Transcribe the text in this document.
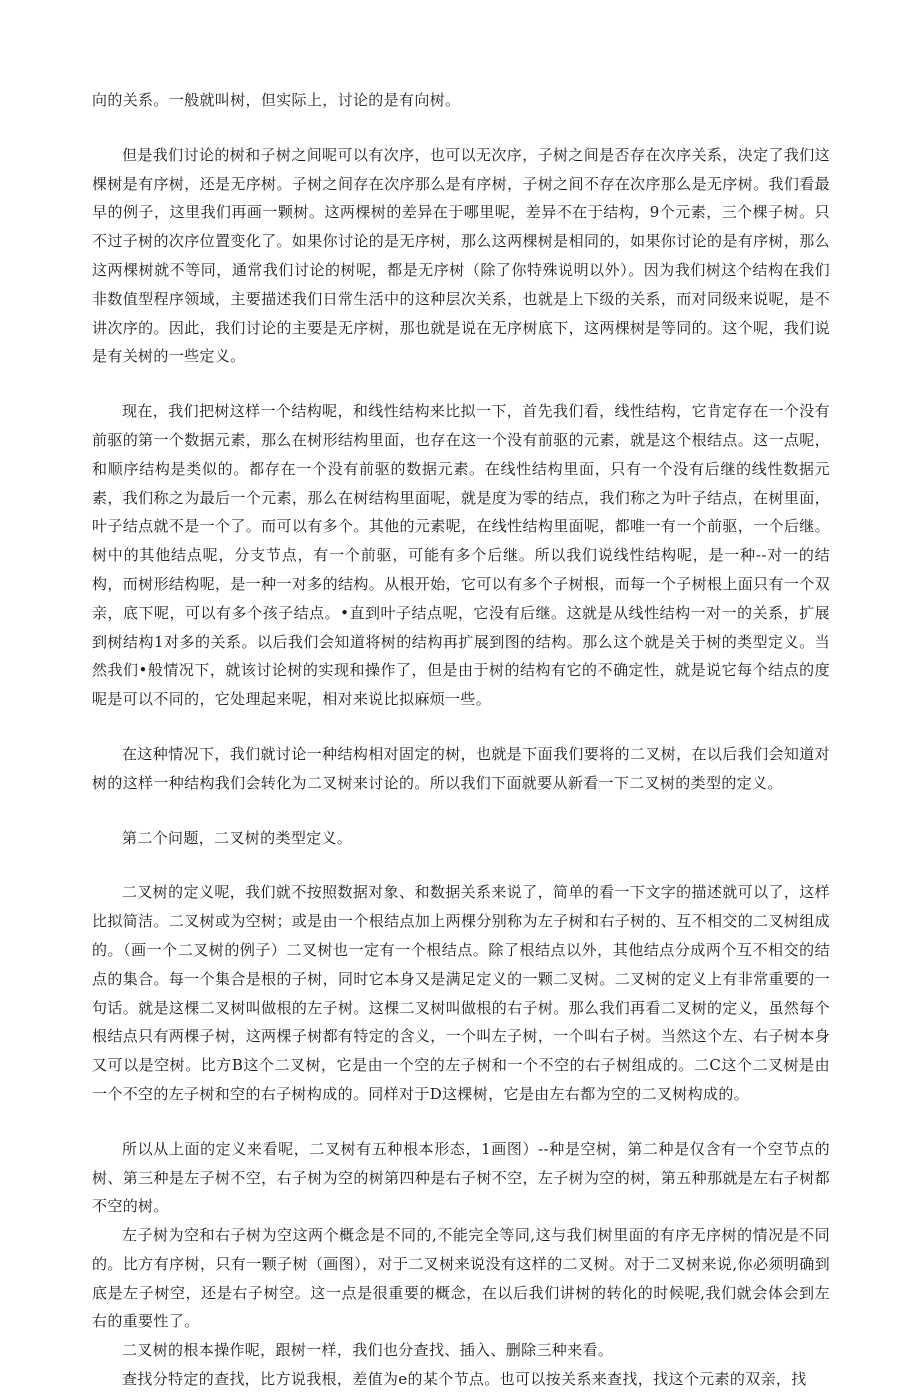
向的关系。一般就叫树，但实际上，讨论的是有向树。

但是我们讨论的树和子树之间呢可以有次序，也可以无次序，子树之间是否存在次序关系，决定了我们这棵树是有序树，还是无序树。子树之间存在次序那么是有序树，子树之间不存在次序那么是无序树。我们看最早的例子，这里我们再画一颗树。这两棵树的差异在于哪里呢，差异不在于结构，9个元素，三个棵子树。只不过子树的次序位置变化了。如果你讨论的是无序树，那么这两棵树是相同的，如果你讨论的是有序树，那么这两棵树就不等同，通常我们讨论的树呢，都是无序树（除了你特殊说明以外）。因为我们树这个结构在我们非数值型程序领域，主要描述我们日常生活中的这种层次关系，也就是上下级的关系，而对同级来说呢，是不讲次序的。因此，我们讨论的主要是无序树，那也就是说在无序树底下，这两棵树是等同的。这个呢，我们说是有关树的一些定义。

现在，我们把树这样一个结构呢，和线性结构来比拟一下，首先我们看，线性结构，它肯定存在一个没有前驱的第一个数据元素，那么在树形结构里面，也存在这一个没有前驱的元素，就是这个根结点。这一点呢，和顺序结构是类似的。都存在一个没有前驱的数据元素。在线性结构里面，只有一个没有后继的线性数据元素，我们称之为最后一个元素，那么在树结构里面呢，就是度为零的结点，我们称之为叶子结点，在树里面，叶子结点就不是一个了。而可以有多个。其他的元素呢，在线性结构里面呢，都唯一有一个前驱，一个后继。树中的其他结点呢，分支节点，有一个前驱，可能有多个后继。所以我们说线性结构呢，是一种--对一的结构，而树形结构呢，是一种一对多的结构。从根开始，它可以有多个子树根，而每一个子树根上面只有一个双亲，底下呢，可以有多个孩子结点。•直到叶子结点呢，它没有后继。这就是从线性结构一对一的关系，扩展到树结构1对多的关系。以后我们会知道将树的结构再扩展到图的结构。那么这个就是关于树的类型定义。当然我们•般情况下，就该讨论树的实现和操作了，但是由于树的结构有它的不确定性，就是说它每个结点的度呢是可以不同的，它处理起来呢，相对来说比拟麻烦一些。

在这种情况下，我们就讨论一种结构相对固定的树，也就是下面我们要将的二叉树，在以后我们会知道对树的这样一种结构我们会转化为二叉树来讨论的。所以我们下面就要从新看一下二叉树的类型的定义。

第二个问题，二叉树的类型定义。

二叉树的定义呢，我们就不按照数据对象、和数据关系来说了，简单的看一下文字的描述就可以了，这样比拟简洁。二叉树或为空树；或是由一个根结点加上两棵分别称为左子树和右子树的、互不相交的二叉树组成的。（画一个二叉树的例子）二叉树也一定有一个根结点。除了根结点以外，其他结点分成两个互不相交的结点的集合。每一个集合是根的子树，同时它本身又是满足定义的一颗二叉树。二叉树的定义上有非常重要的一句话。就是这棵二叉树叫做根的左子树。这棵二叉树叫做根的右子树。那么我们再看二叉树的定义，虽然每个根结点只有两棵子树，这两棵子树都有特定的含义，一个叫左子树，一个叫右子树。当然这个左、右子树本身又可以是空树。比方B这个二叉树，它是由一个空的左子树和一个不空的右子树组成的。二C这个二叉树是由一个不空的左子树和空的右子树构成的。同样对于D这棵树，它是由左右都为空的二叉树构成的。

所以从上面的定义来看呢，二叉树有五种根本形态，1画图）--种是空树，第二种是仅含有一个空节点的树、第三种是左子树不空，右子树为空的树第四种是右子树不空，左子树为空的树，第五种那就是左右子树都不空的树。

左子树为空和右子树为空这两个概念是不同的,不能完全等同,这与我们树里面的有序无序树的情况是不同的。比方有序树，只有一颗子树（画图），对于二叉树来说没有这样的二叉树。对于二叉树来说,你必须明确到底是左子树空，还是右子树空。这一点是很重要的概念，在以后我们讲树的转化的时候呢,我们就会体会到左右的重要性了。

二叉树的根本操作呢，跟树一样，我们也分查找、插入、删除三种来看。

查找分特定的查找，比方说我根，差值为e的某个节点。也可以按关系来查找，找这个元素的双亲，找
